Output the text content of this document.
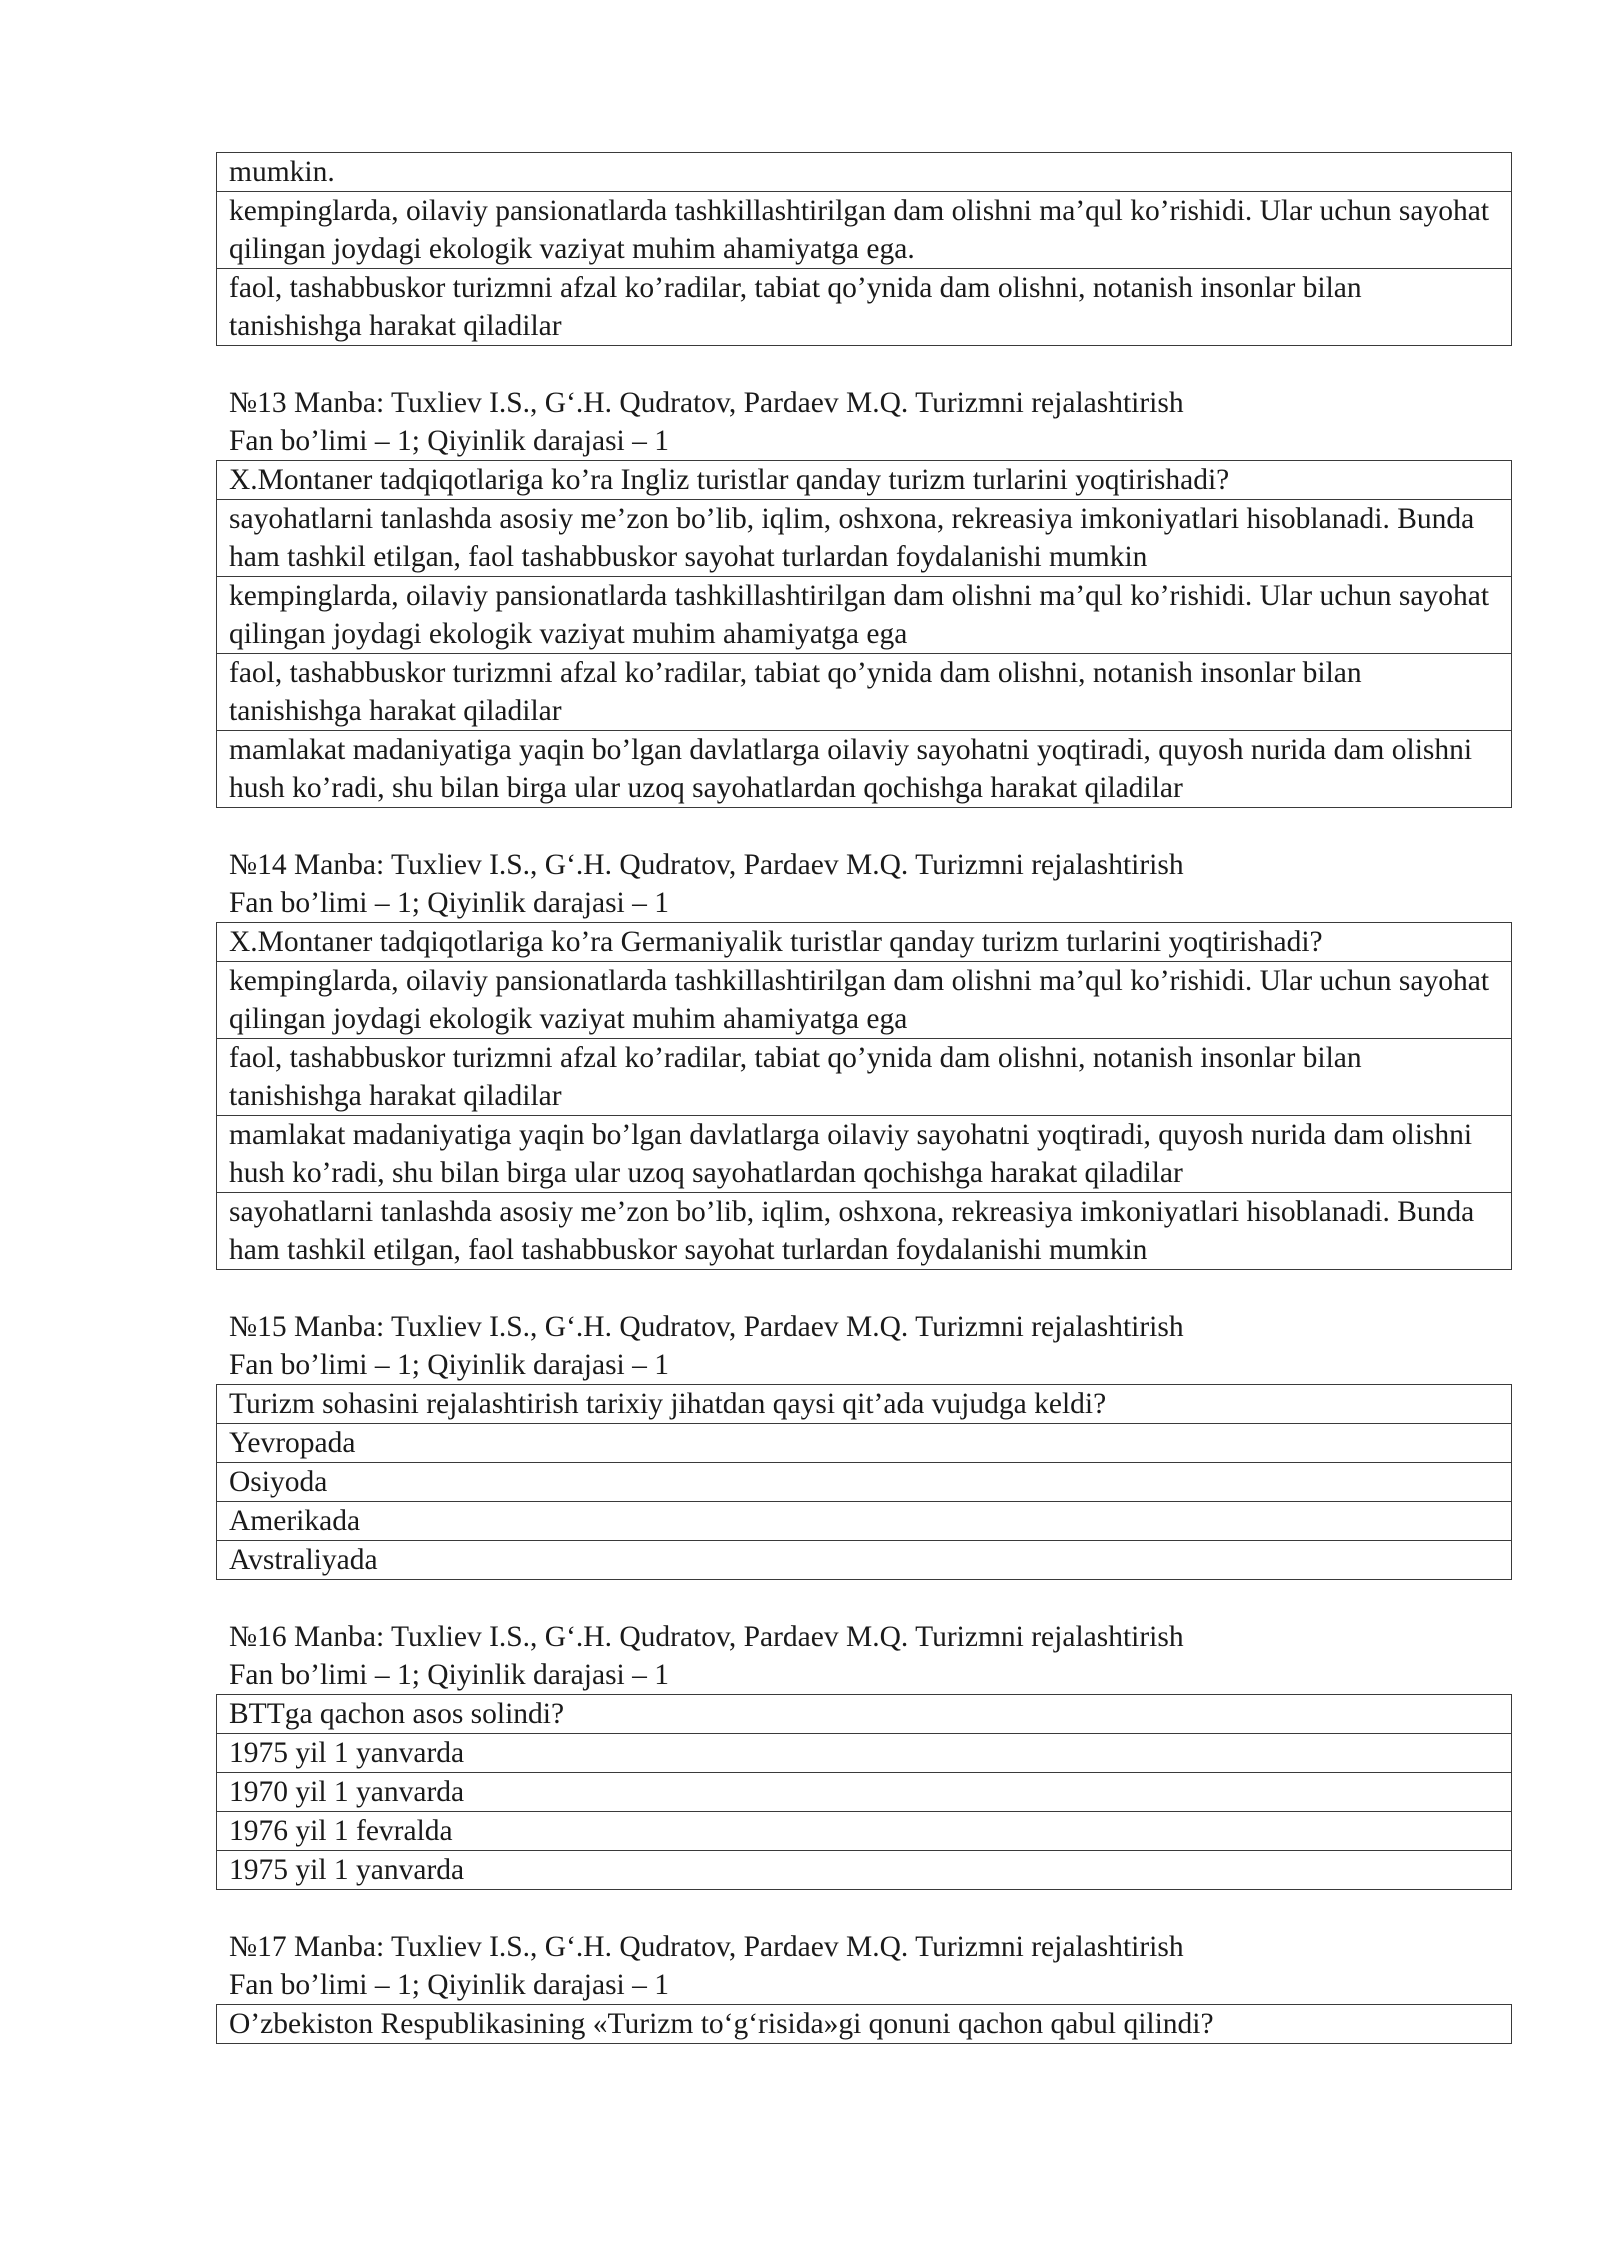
mumkin.
kempinglarda, oilaviy pansionatlarda tashkillashtirilgan dam olishni ma’qul ko’rishidi. Ular uchun sayohat qilingan joydagi ekologik vaziyat muhim ahamiyatga ega.
faol, tashabbuskor turizmni afzal ko’radilar, tabiat qo’ynida dam olishni, notanish insonlar bilan tanishishga harakat qiladilar
№13 Manba: Tuxliev I.S., G‘.H. Qudratov, Pardaev M.Q. Turizmni rejalashtirish
Fan bo’limi – 1; Qiyinlik darajasi – 1
X.Montaner tadqiqotlariga ko’ra Ingliz turistlar qanday turizm turlarini yoqtirishadi?
sayohatlarni tanlashda asosiy me’zon bo’lib, iqlim, oshxona, rekreasiya imkoniyatlari hisoblanadi. Bunda ham tashkil etilgan, faol tashabbuskor sayohat turlardan foydalanishi mumkin
kempinglarda, oilaviy pansionatlarda tashkillashtirilgan dam olishni ma’qul ko’rishidi. Ular uchun sayohat qilingan joydagi ekologik vaziyat muhim ahamiyatga ega
faol, tashabbuskor turizmni afzal ko’radilar, tabiat qo’ynida dam olishni, notanish insonlar bilan tanishishga harakat qiladilar
mamlakat madaniyatiga yaqin bo’lgan davlatlarga oilaviy sayohatni yoqtiradi, quyosh nurida dam olishni hush ko’radi, shu bilan birga ular uzoq sayohatlardan qochishga harakat qiladilar
№14 Manba: Tuxliev I.S., G‘.H. Qudratov, Pardaev M.Q. Turizmni rejalashtirish
Fan bo’limi – 1; Qiyinlik darajasi – 1
X.Montaner tadqiqotlariga ko’ra Germaniyalik turistlar qanday turizm turlarini yoqtirishadi?
kempinglarda, oilaviy pansionatlarda tashkillashtirilgan dam olishni ma’qul ko’rishidi. Ular uchun sayohat qilingan joydagi ekologik vaziyat muhim ahamiyatga ega
faol, tashabbuskor turizmni afzal ko’radilar, tabiat qo’ynida dam olishni, notanish insonlar bilan tanishishga harakat qiladilar
mamlakat madaniyatiga yaqin bo’lgan davlatlarga oilaviy sayohatni yoqtiradi, quyosh nurida dam olishni hush ko’radi, shu bilan birga ular uzoq sayohatlardan qochishga harakat qiladilar
sayohatlarni tanlashda asosiy me’zon bo’lib, iqlim, oshxona, rekreasiya imkoniyatlari hisoblanadi. Bunda ham tashkil etilgan, faol tashabbuskor sayohat turlardan foydalanishi mumkin
№15 Manba: Tuxliev I.S., G‘.H. Qudratov, Pardaev M.Q. Turizmni rejalashtirish
Fan bo’limi – 1; Qiyinlik darajasi – 1
Turizm sohasini rejalashtirish tarixiy jihatdan qaysi qit’ada vujudga keldi?
Yevropada
Osiyoda
Amerikada
Avstraliyada
№16 Manba: Tuxliev I.S., G‘.H. Qudratov, Pardaev M.Q. Turizmni rejalashtirish
Fan bo’limi – 1; Qiyinlik darajasi – 1
BTTga qachon asos solindi?
1975 yil 1 yanvarda
1970 yil 1 yanvarda
1976 yil 1 fevralda
1975 yil 1 yanvarda
№17 Manba: Tuxliev I.S., G‘.H. Qudratov, Pardaev M.Q. Turizmni rejalashtirish
Fan bo’limi – 1; Qiyinlik darajasi – 1
O’zbekiston Respublikasining «Turizm to‘g‘risida»gi qonuni qachon qabul qilindi?
